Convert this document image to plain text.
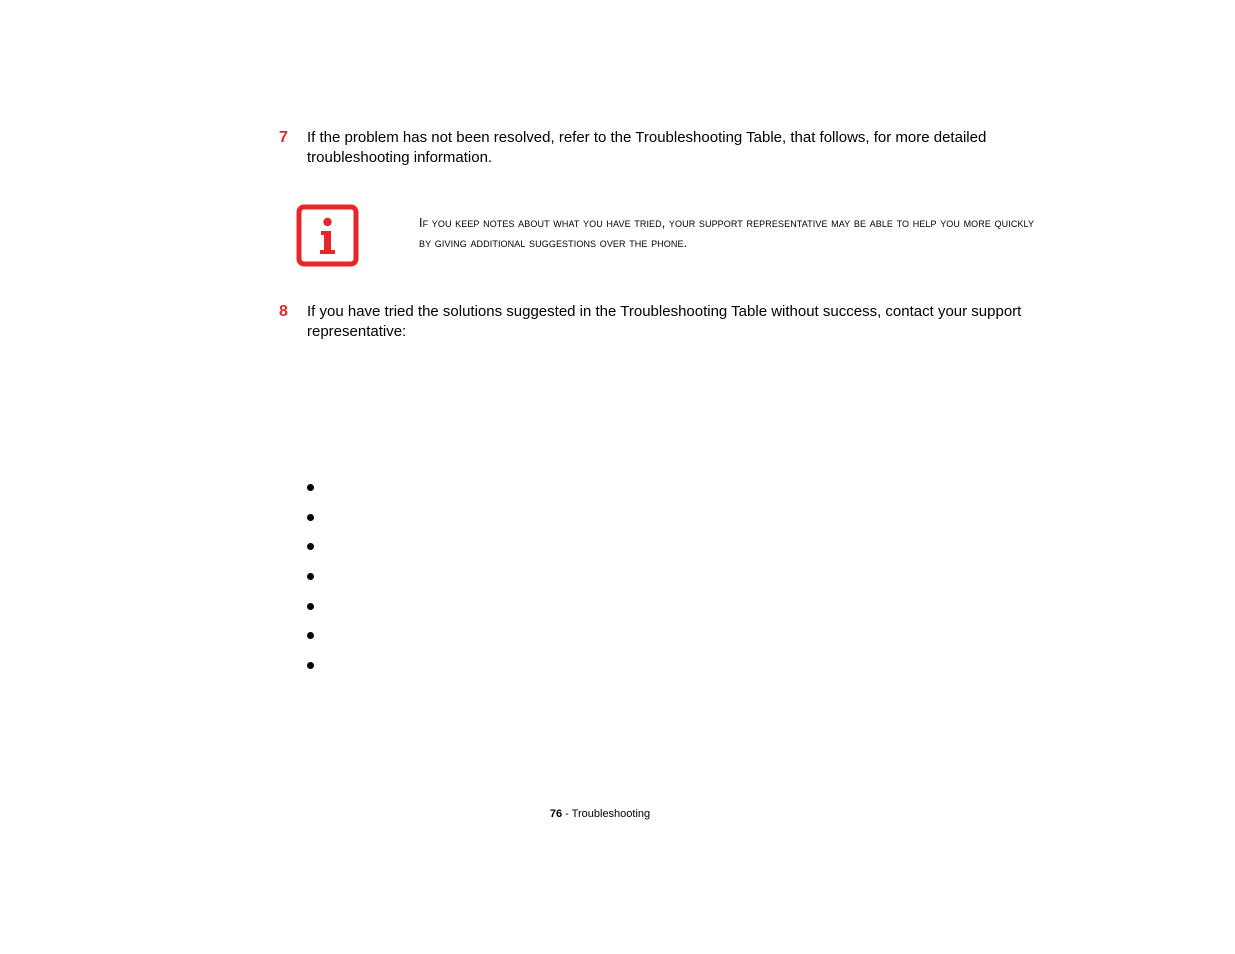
7 If the problem has not been resolved, refer to the Troubleshooting Table, that follows, for more detailed troubleshooting information.
If you keep notes about what you have tried, your support representative may be able to help you more quickly by giving additional suggestions over the phone.
8 If you have tried the solutions suggested in the Troubleshooting Table without success, contact your support representative:
76 - Troubleshooting
